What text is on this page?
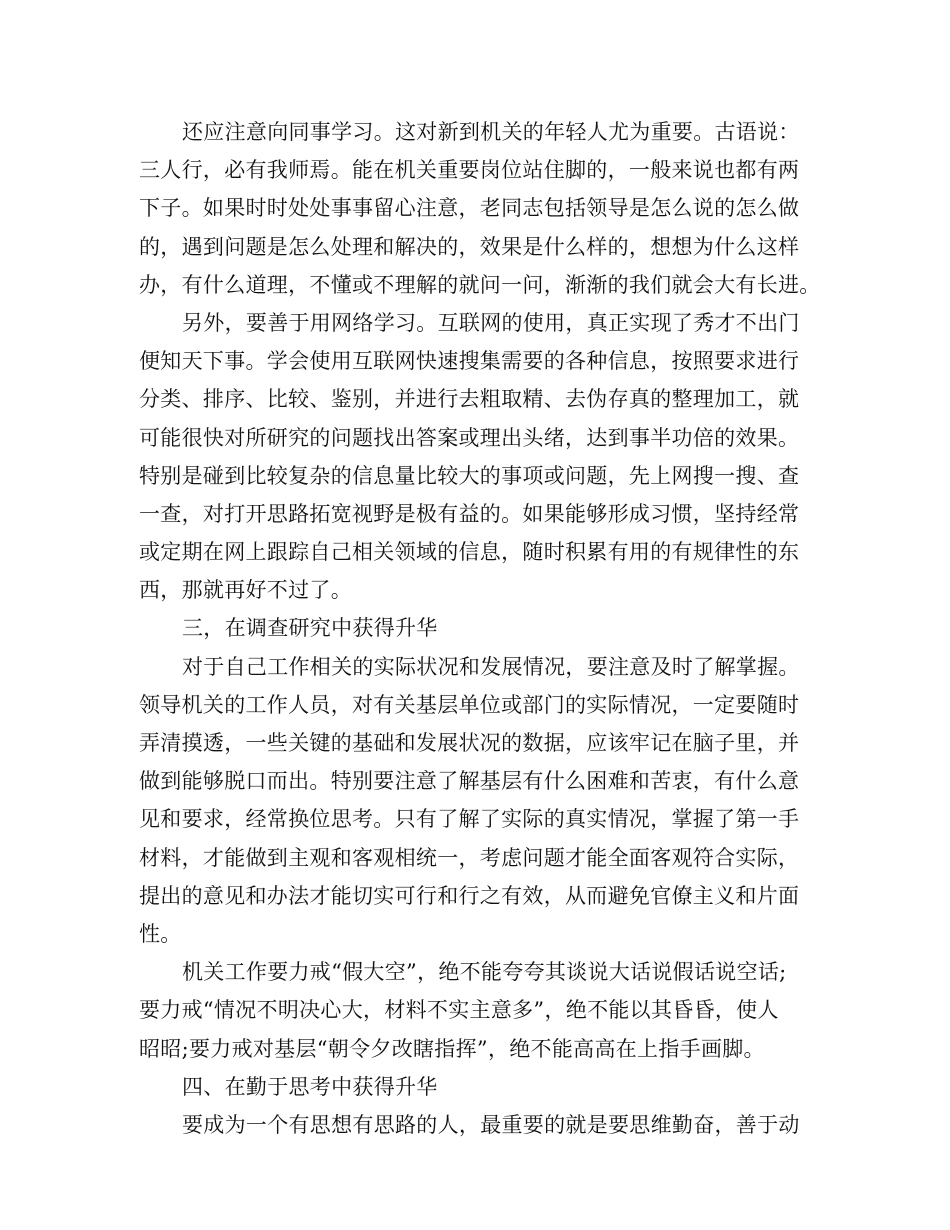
还应注意向同事学习。这对新到机关的年轻人尤为重要。古语说：
三人行，必有我师焉。能在机关重要岗位站住脚的，一般来说也都有两
下子。如果时时处处事事留心注意，老同志包括领导是怎么说的怎么做
的，遇到问题是怎么处理和解决的，效果是什么样的，想想为什么这样
办，有什么道理，不懂或不理解的就问一问，渐渐的我们就会大有长进。
另外，要善于用网络学习。互联网的使用，真正实现了秀才不出门
便知天下事。学会使用互联网快速搜集需要的各种信息，按照要求进行
分类、排序、比较、鉴别，并进行去粗取精、去伪存真的整理加工，就
可能很快对所研究的问题找出答案或理出头绪，达到事半功倍的效果。
特别是碰到比较复杂的信息量比较大的事项或问题，先上网搜一搜、查
一查，对打开思路拓宽视野是极有益的。如果能够形成习惯，坚持经常
或定期在网上跟踪自己相关领域的信息，随时积累有用的有规律性的东
西，那就再好不过了。
三，在调查研究中获得升华
对于自己工作相关的实际状况和发展情况，要注意及时了解掌握。
领导机关的工作人员，对有关基层单位或部门的实际情况，一定要随时
弄清摸透，一些关键的基础和发展状况的数据，应该牢记在脑子里，并
做到能够脱口而出。特别要注意了解基层有什么困难和苦衷，有什么意
见和要求，经常换位思考。只有了解了实际的真实情况，掌握了第一手
材料，才能做到主观和客观相统一，考虑问题才能全面客观符合实际，
提出的意见和办法才能切实可行和行之有效，从而避免官僚主义和片面
性。
机关工作要力戒“假大空”，绝不能夸夸其谈说大话说假话说空话;
要力戒“情况不明决心大，材料不实主意多”，绝不能以其昏昏，使人
昭昭;要力戒对基层“朝令夕改瞎指挥”，绝不能高高在上指手画脚。
四、在勤于思考中获得升华
要成为一个有思想有思路的人，最重要的就是要思维勤奋，善于动
